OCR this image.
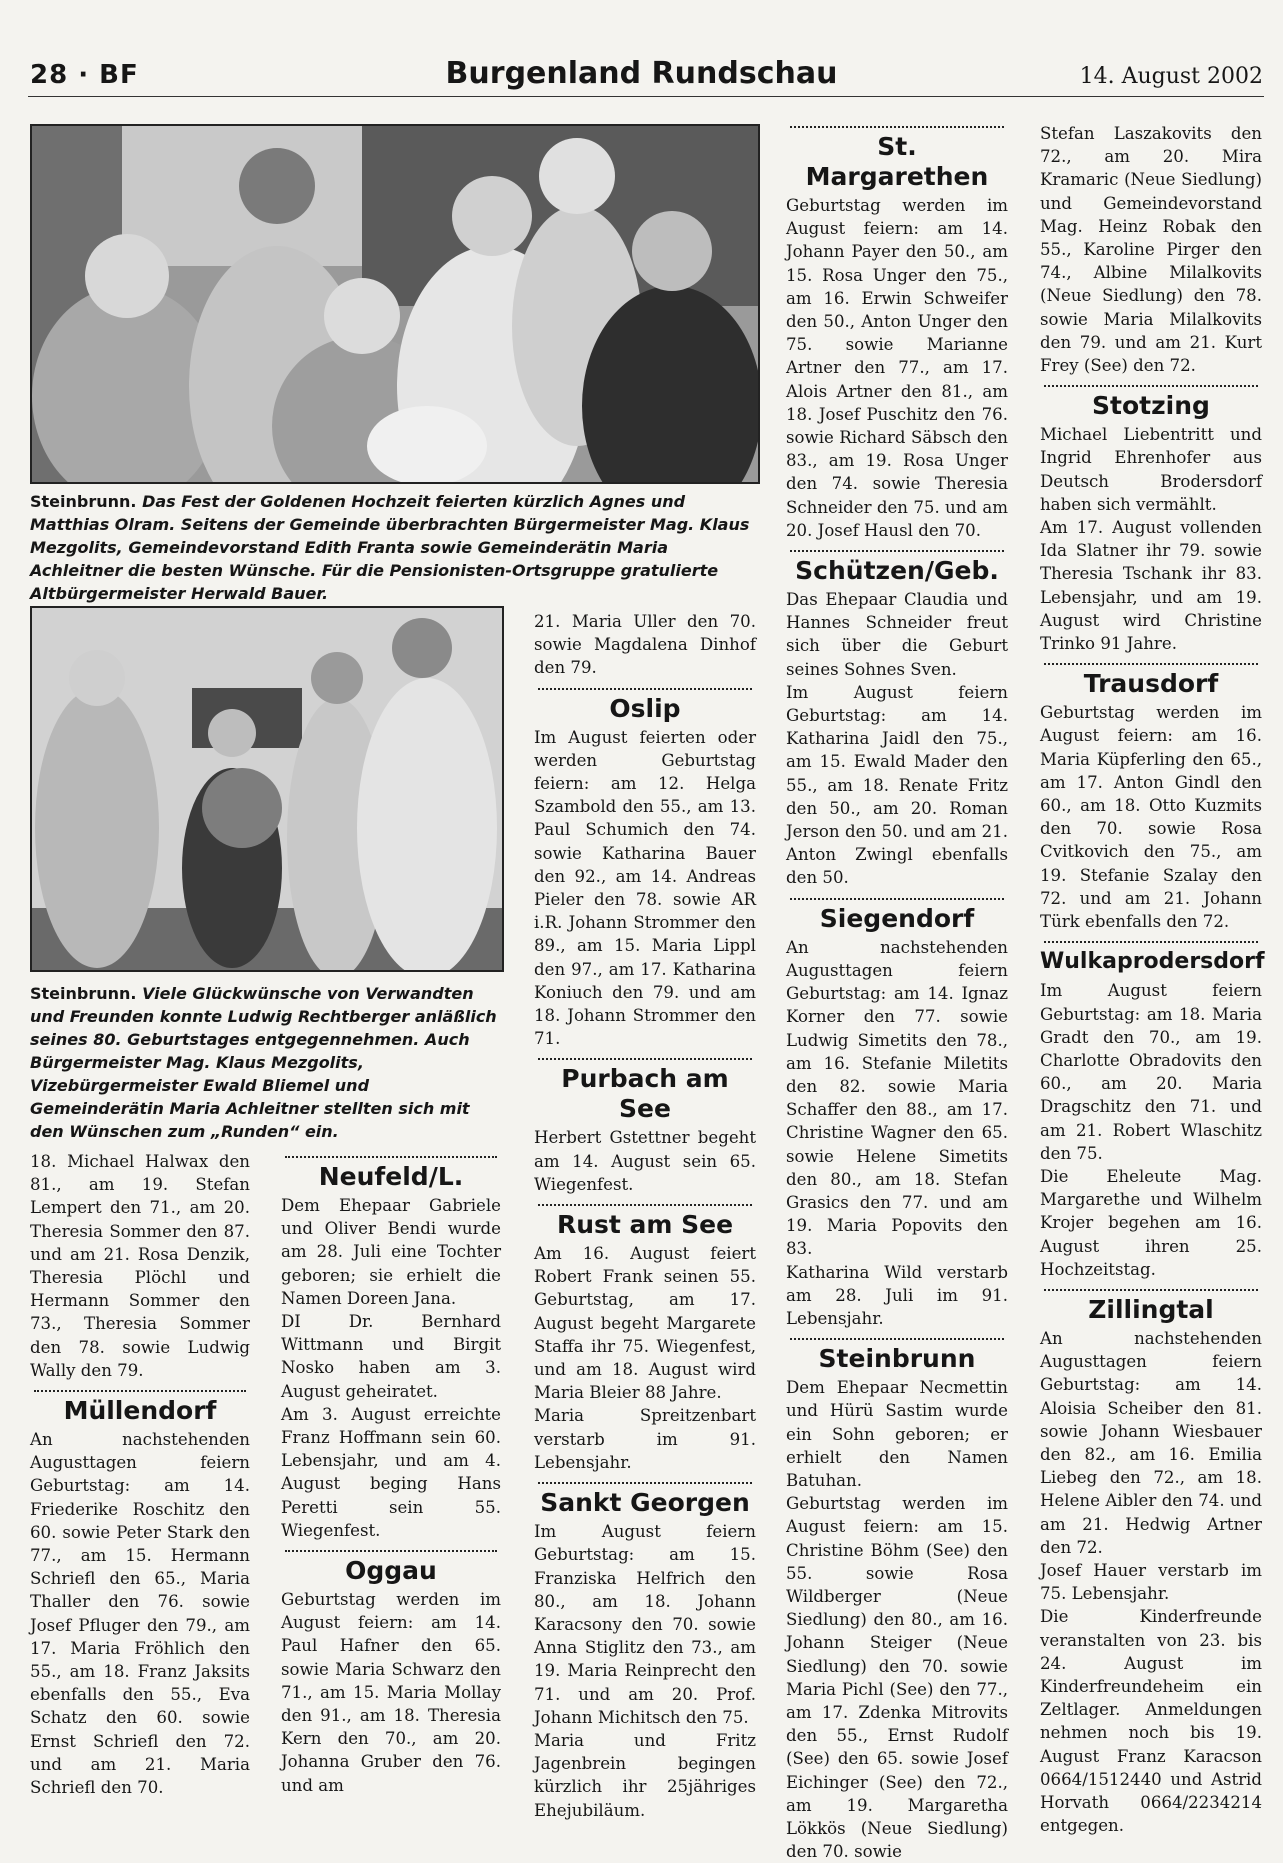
28 · BF	Burgenland Rundschau	14. August 2002
Steinbrunn. Das Fest der Goldenen Hochzeit feierten kürzlich Agnes und Matthias Olram. Seitens der Gemeinde überbrachten Bürgermeister Mag. Klaus Mezgolits, Gemeindevorstand Edith Franta sowie Gemeinderätin Maria Achleitner die besten Wünsche. Für die Pensionisten-Ortsgruppe gratulierte Altbürgermeister Herwald Bauer.
Steinbrunn. Viele Glückwünsche von Verwandten und Freunden konnte Ludwig Rechtberger anläßlich seines 80. Geburtstages entgegennehmen. Auch Bürgermeister Mag. Klaus Mezgolits, Vizebürgermeister Ewald Bliemel und Gemeinderätin Maria Achleitner stellten sich mit den Wünschen zum „Runden“ ein.

18. Michael Halwax den 81., am 19. Stefan Lempert den 71., am 20. Theresia Sommer den 87. und am 21. Rosa Denzik, Theresia Plöchl und Hermann Sommer den 73., Theresia Sommer den 78. sowie Ludwig Wally den 79.

Müllendorf

An nachstehenden Augusttagen feiern Geburtstag: am 14. Friederike Roschitz den 60. sowie Peter Stark den 77., am 15. Hermann Schriefl den 65., Maria Thaller den 76. sowie Josef Pfluger den 79., am 17. Maria Fröhlich den 55., am 18. Franz Jaksits ebenfalls den 55., Eva Schatz den 60. sowie Ernst Schriefl den 72. und am 21. Maria Schriefl den 70.

Neufeld/L.

Dem Ehepaar Gabriele und Oliver Bendi wurde am 28. Juli eine Tochter geboren; sie erhielt die Namen Doreen Jana.

DI Dr. Bernhard Wittmann und Birgit Nosko haben am 3. August geheiratet.

Am 3. August erreichte Franz Hoffmann sein 60. Lebensjahr, und am 4. August beging Hans Peretti sein 55. Wiegenfest.

Oggau

Geburtstag werden im August feiern: am 14. Paul Hafner den 65. sowie Maria Schwarz den 71., am 15. Maria Mollay den 91., am 18. Theresia Kern den 70., am 20. Johanna Gruber den 76. und am

21. Maria Uller den 70. sowie Magdalena Dinhof den 79.

Oslip

Im August feierten oder werden Geburtstag feiern: am 12. Helga Szambold den 55., am 13. Paul Schumich den 74. sowie Katharina Bauer den 92., am 14. Andreas Pieler den 78. sowie AR i.R. Johann Strommer den 89., am 15. Maria Lippl den 97., am 17. Katharina Koniuch den 79. und am 18. Johann Strommer den 71.

Purbach am See

Herbert Gstettner begeht am 14. August sein 65. Wiegenfest.

Rust am See

Am 16. August feiert Robert Frank seinen 55. Geburtstag, am 17. August begeht Margarete Staffa ihr 75. Wiegenfest, und am 18. August wird Maria Bleier 88 Jahre.

Maria Spreitzenbart verstarb im 91. Lebensjahr.

Sankt Georgen

Im August feiern Geburtstag: am 15. Franziska Helfrich den 80., am 18. Johann Karacsony den 70. sowie Anna Stiglitz den 73., am 19. Maria Reinprecht den 71. und am 20. Prof. Johann Michitsch den 75.

Maria und Fritz Jagenbrein begingen kürzlich ihr 25jähriges Ehejubiläum.

St. Margarethen

Geburtstag werden im August feiern: am 14. Johann Payer den 50., am 15. Rosa Unger den 75., am 16. Erwin Schweifer den 50., Anton Unger den 75. sowie Marianne Artner den 77., am 17. Alois Artner den 81., am 18. Josef Puschitz den 76. sowie Richard Säbsch den 83., am 19. Rosa Unger den 74. sowie Theresia Schneider den 75. und am 20. Josef Hausl den 70.

Schützen/Geb.

Das Ehepaar Claudia und Hannes Schneider freut sich über die Geburt seines Sohnes Sven.

Im August feiern Geburtstag: am 14. Katharina Jaidl den 75., am 15. Ewald Mader den 55., am 18. Renate Fritz den 50., am 20. Roman Jerson den 50. und am 21. Anton Zwingl ebenfalls den 50.

Siegendorf

An nachstehenden Augusttagen feiern Geburtstag: am 14. Ignaz Korner den 77. sowie Ludwig Simetits den 78., am 16. Stefanie Miletits den 82. sowie Maria Schaffer den 88., am 17. Christine Wagner den 65. sowie Helene Simetits den 80., am 18. Stefan Grasics den 77. und am 19. Maria Popovits den 83.

Katharina Wild verstarb am 28. Juli im 91. Lebensjahr.

Steinbrunn

Dem Ehepaar Necmettin und Hürü Sastim wurde ein Sohn geboren; er erhielt den Namen Batuhan.

Geburtstag werden im August feiern: am 15. Christine Böhm (See) den 55. sowie Rosa Wildberger (Neue Siedlung) den 80., am 16. Johann Steiger (Neue Siedlung) den 70. sowie Maria Pichl (See) den 77., am 17. Zdenka Mitrovits den 55., Ernst Rudolf (See) den 65. sowie Josef Eichinger (See) den 72., am 19. Margaretha Lökkös (Neue Siedlung) den 70. sowie

Stefan Laszakovits den 72., am 20. Mira Kramaric (Neue Siedlung) und Gemeindevorstand Mag. Heinz Robak den 55., Karoline Pirger den 74., Albine Milalkovits (Neue Siedlung) den 78. sowie Maria Milalkovits den 79. und am 21. Kurt Frey (See) den 72.

Stotzing

Michael Liebentritt und Ingrid Ehrenhofer aus Deutsch Brodersdorf haben sich vermählt.

Am 17. August vollenden Ida Slatner ihr 79. sowie Theresia Tschank ihr 83. Lebensjahr, und am 19. August wird Christine Trinko 91 Jahre.

Trausdorf

Geburtstag werden im August feiern: am 16. Maria Küpferling den 65., am 17. Anton Gindl den 60., am 18. Otto Kuzmits den 70. sowie Rosa Cvitkovich den 75., am 19. Stefanie Szalay den 72. und am 21. Johann Türk ebenfalls den 72.

Wulkaprodersdorf

Im August feiern Geburtstag: am 18. Maria Gradt den 70., am 19. Charlotte Obradovits den 60., am 20. Maria Dragschitz den 71. und am 21. Robert Wlaschitz den 75.

Die Eheleute Mag. Margarethe und Wilhelm Krojer begehen am 16. August ihren 25. Hochzeitstag.

Zillingtal

An nachstehenden Augusttagen feiern Geburtstag: am 14. Aloisia Scheiber den 81. sowie Johann Wiesbauer den 82., am 16. Emilia Liebeg den 72., am 18. Helene Aibler den 74. und am 21. Hedwig Artner den 72.

Josef Hauer verstarb im 75. Lebensjahr.

Die Kinderfreunde veranstalten von 23. bis 24. August im Kinderfreundeheim ein Zeltlager. Anmeldungen nehmen noch bis 19. August Franz Karacson 0664/1512440 und Astrid Horvath 0664/2234214 entgegen.
